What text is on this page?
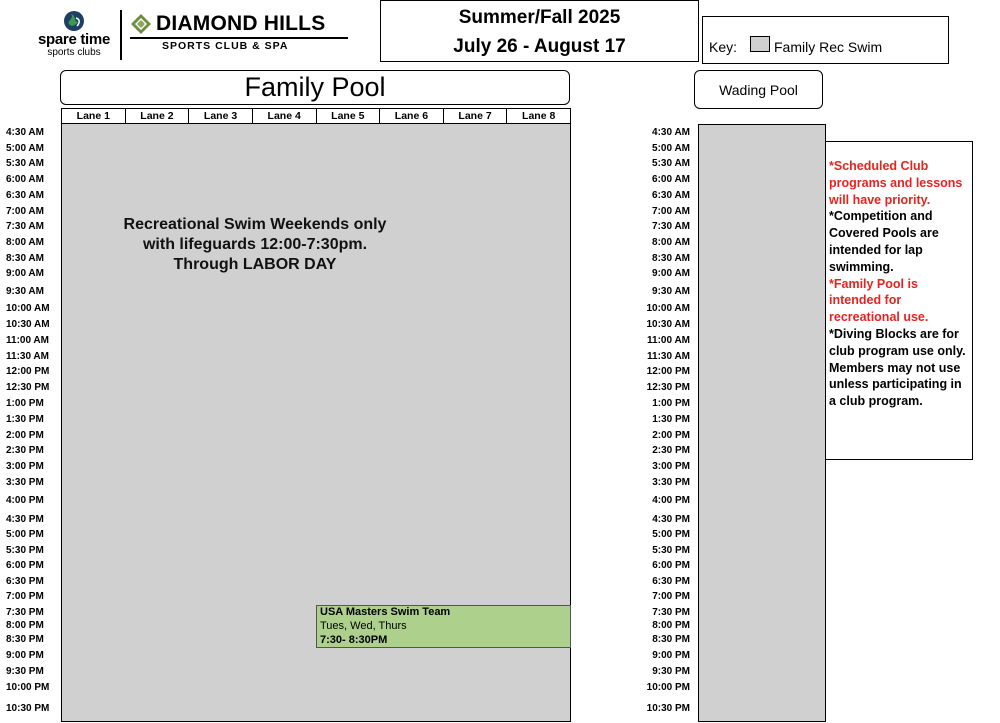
spare time
sports clubs
DIAMOND HILLS
SPORTS CLUB & SPA
Summer/Fall 2025
July 26 - August 17	Key:	Family Rec Swim
Family Pool	Wading Pool
Lane 1	Lane 2	Lane 3	Lane 4	Lane 5	Lane 6	Lane 7	Lane 8
Recreational Swim Weekends only with lifeguards 12:00-7:30pm. Through LABOR DAY
USA Masters Swim Team
Tues, Wed, Thurs
7:30- 8:30PM
4:30 AM
5:00 AM
5:30 AM
6:00 AM
6:30 AM
7:00 AM
7:30 AM
8:00 AM
8:30 AM
9:00 AM
9:30 AM
10:00 AM
10:30 AM
11:00 AM
11:30 AM
12:00 PM
12:30 PM
1:00 PM
1:30 PM
2:00 PM
2:30 PM
3:00 PM
3:30 PM
4:00 PM
4:30 PM
5:00 PM
5:30 PM
6:00 PM
6:30 PM
7:00 PM
7:30 PM
8:00 PM
8:30 PM
9:00 PM
9:30 PM
10:00 PM
10:30 PM
4:30 AM
5:00 AM
5:30 AM
6:00 AM
6:30 AM
7:00 AM
7:30 AM
8:00 AM
8:30 AM
9:00 AM
9:30 AM
10:00 AM
10:30 AM
11:00 AM
11:30 AM
12:00 PM
12:30 PM
1:00 PM
1:30 PM
2:00 PM
2:30 PM
3:00 PM
3:30 PM
4:00 PM
4:30 PM
5:00 PM
5:30 PM
6:00 PM
6:30 PM
7:00 PM
7:30 PM
8:00 PM
8:30 PM
9:00 PM
9:30 PM
10:00 PM
10:30 PM
*Scheduled Club programs and lessons will have priority.
*Competition and Covered Pools are intended for lap swimming.
*Family Pool is intended for recreational use.
*Diving Blocks are for club program use only. Members may not use unless participating in a club program.
